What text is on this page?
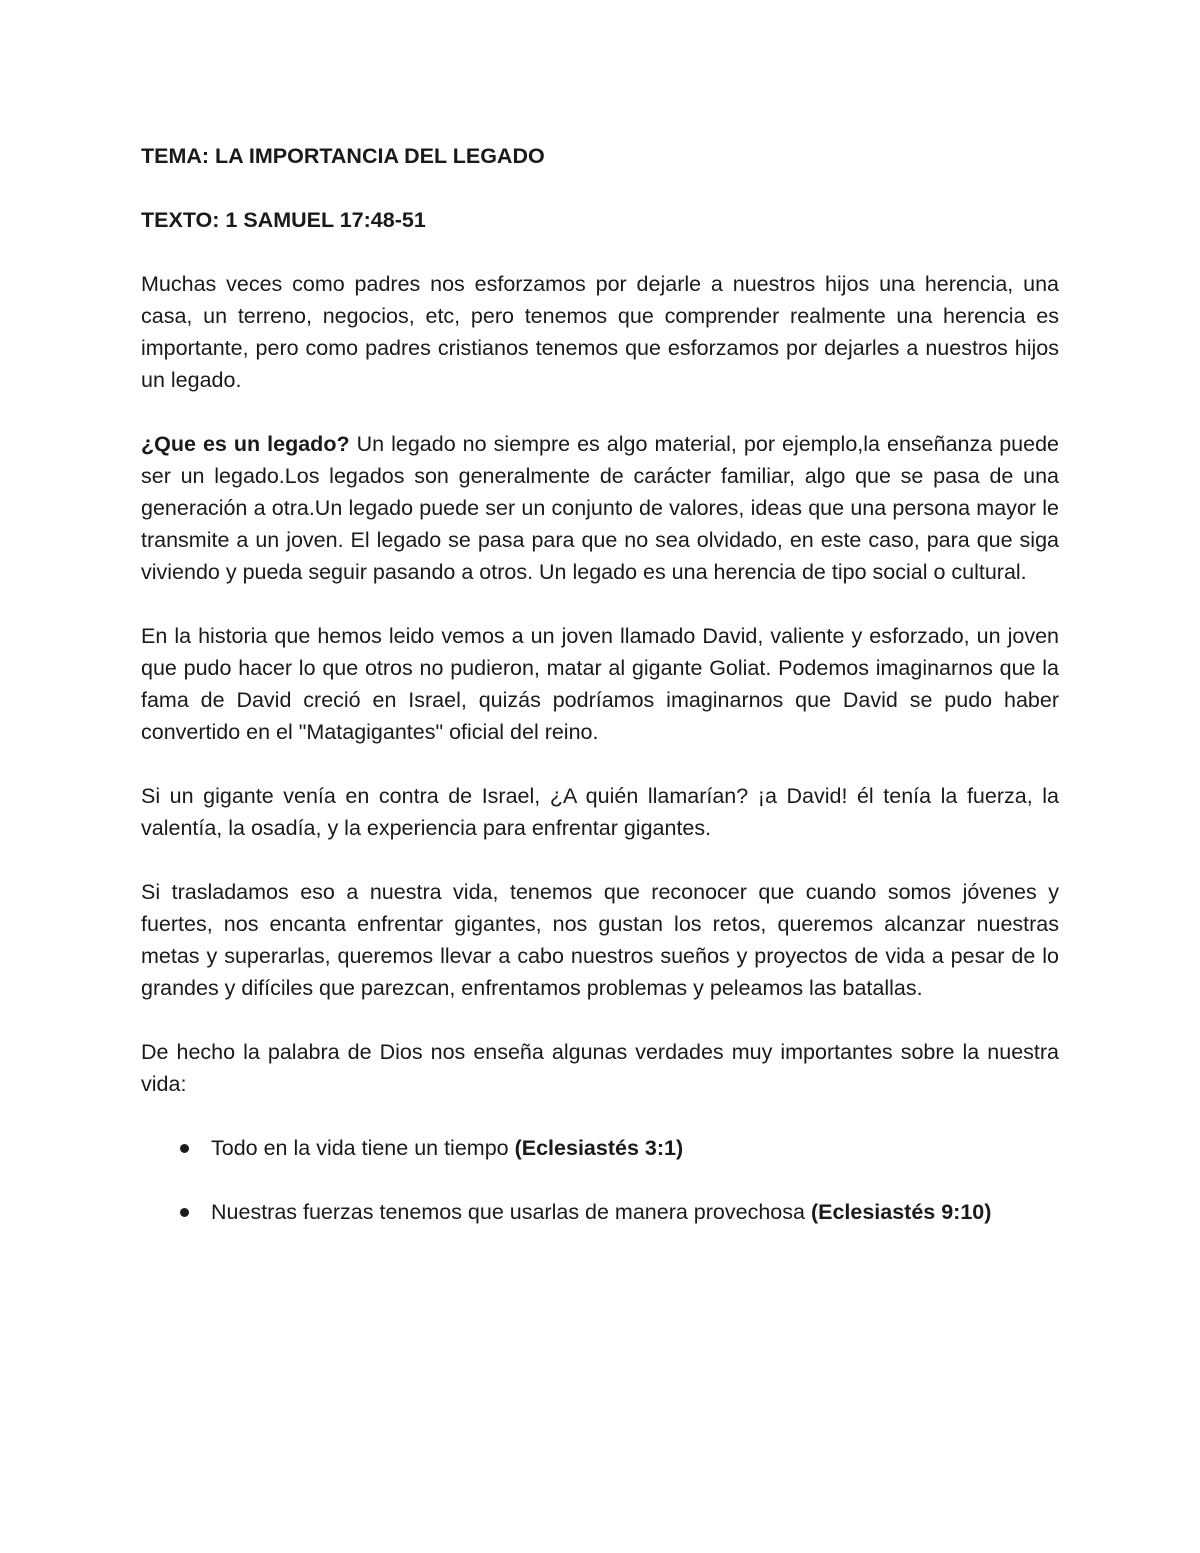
TEMA: LA IMPORTANCIA DEL LEGADO

TEXTO: 1 SAMUEL 17:48-51

Muchas veces como padres nos esforzamos por dejarle a nuestros hijos una herencia, una casa, un terreno, negocios, etc, pero tenemos que comprender realmente una herencia es importante, pero como padres cristianos tenemos que esforzamos por dejarles a nuestros hijos un legado.

¿Que es un legado? Un legado no siempre es algo material, por ejemplo,la enseñanza puede ser un legado.Los legados son generalmente de carácter familiar, algo que se pasa de una generación a otra.Un legado puede ser un conjunto de valores, ideas que una persona mayor le transmite a un joven. El legado se pasa para que no sea olvidado, en este caso, para que siga viviendo y pueda seguir pasando a otros. Un legado es una herencia de tipo social o cultural.

En la historia que hemos leido vemos a un joven llamado David, valiente y esforzado, un joven que pudo hacer lo que otros no pudieron, matar al gigante Goliat. Podemos imaginarnos que la fama de David creció en Israel, quizás podríamos imaginarnos que David se pudo haber convertido en el "Matagigantes" oficial del reino.

Si un gigante venía en contra de Israel, ¿A quién llamarían? ¡a David! él tenía la fuerza, la valentía, la osadía, y la experiencia para enfrentar gigantes.

Si trasladamos eso a nuestra vida, tenemos que reconocer que cuando somos jóvenes y fuertes, nos encanta enfrentar gigantes, nos gustan los retos, queremos alcanzar nuestras metas y superarlas, queremos llevar a cabo nuestros sueños y proyectos de vida a pesar de lo grandes y difíciles que parezcan, enfrentamos problemas y peleamos las batallas.

De hecho la palabra de Dios nos enseña algunas verdades muy importantes sobre la nuestra vida:

Todo en la vida tiene un tiempo (Eclesiastés 3:1)
Nuestras fuerzas tenemos que usarlas de manera provechosa (Eclesiastés 9:10)
